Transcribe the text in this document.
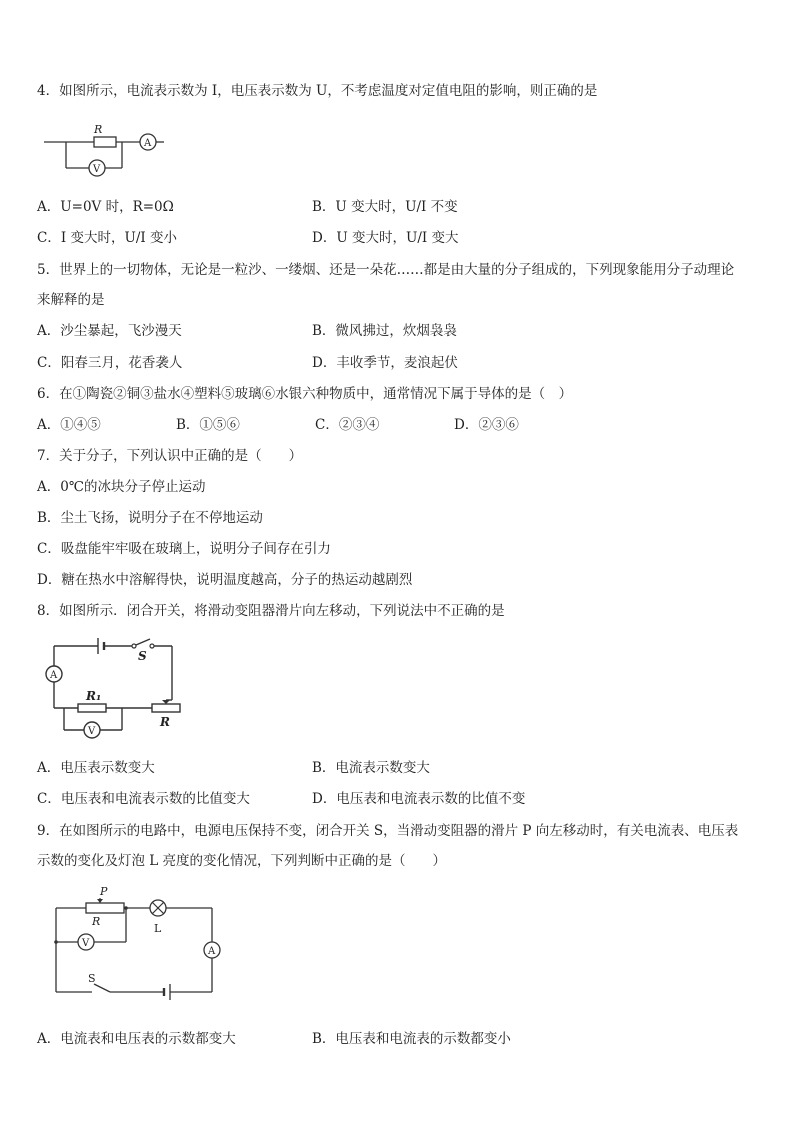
4．如图所示，电流表示数为 I，电压表示数为 U，不考虑温度对定值电阻的影响，则正确的是
R
A
V
A．U=0V 时，R=0Ω	B．U 变大时，U/I 不变
C．I 变大时，U/I 变小	D．U 变大时，U/I 变大
5．世界上的一切物体，无论是一粒沙、一缕烟、还是一朵花……都是由大量的分子组成的，下列现象能用分子动理论
来解释的是
A．沙尘暴起，飞沙漫天	B．微风拂过，炊烟袅袅
C．阳春三月，花香袭人	D．丰收季节，麦浪起伏
6．在①陶瓷②铜③盐水④塑料⑤玻璃⑥水银六种物质中，通常情况下属于导体的是（　）
A．①④⑤	B．①⑤⑥	C．②③④	D．②③⑥
7．关于分子，下列认识中正确的是（　　）
A．0℃的冰块分子停止运动
B．尘土飞扬，说明分子在不停地运动
C．吸盘能牢牢吸在玻璃上，说明分子间存在引力
D．糖在热水中溶解得快，说明温度越高，分子的热运动越剧烈
8．如图所示．闭合开关，将滑动变阻器滑片向左移动，下列说法中不正确的是
S
R₁
R
A
V
A．电压表示数变大	B．电流表示数变大
C．电压表和电流表示数的比值变大	D．电压表和电流表示数的比值不变
9．在如图所示的电路中，电源电压保持不变，闭合开关 S，当滑动变阻器的滑片 P 向左移动时，有关电流表、电压表
示数的变化及灯泡 L 亮度的变化情况，下列判断中正确的是（　　）
P
R
L
V
A
S
A．电流表和电压表的示数都变大	B．电压表和电流表的示数都变小
